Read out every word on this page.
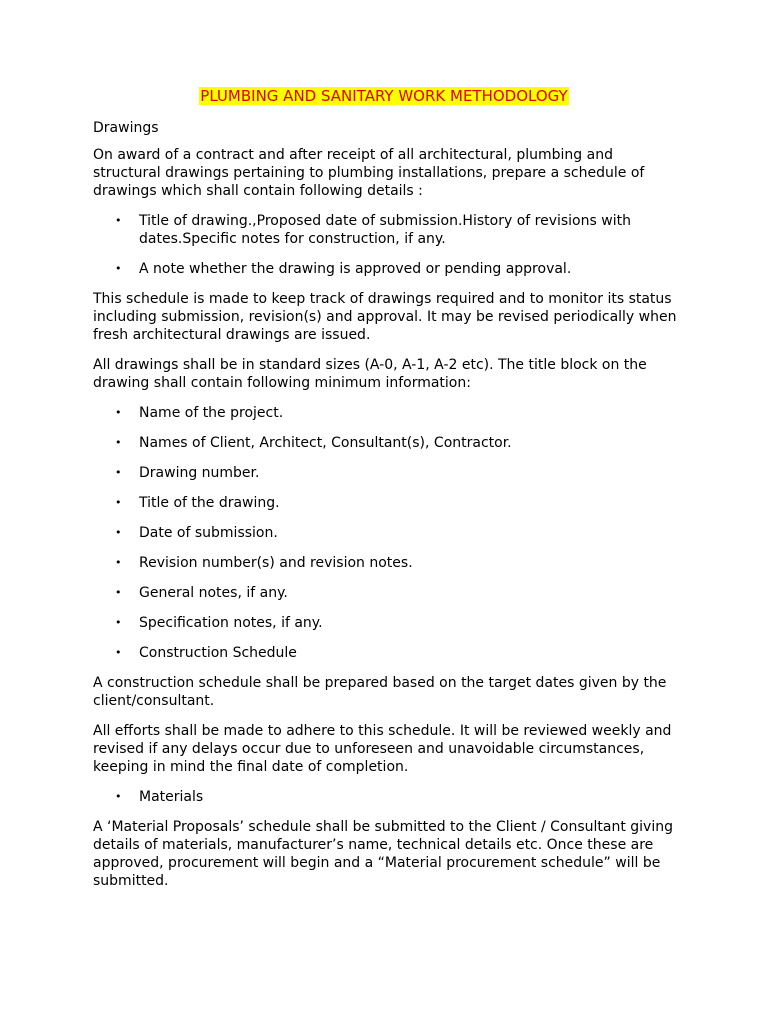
PLUMBING AND SANITARY WORK METHODOLOGY
Drawings

On award of a contract and after receipt of all architectural, plumbing and structural drawings pertaining to plumbing installations, prepare a schedule of drawings which shall contain following details :

• Title of drawing.,Proposed date of submission.History of revisions with dates.Specific notes for construction, if any.
• A note whether the drawing is approved or pending approval.

This schedule is made to keep track of drawings required and to monitor its status including submission, revision(s) and approval. It may be revised periodically when fresh architectural drawings are issued.

All drawings shall be in standard sizes (A-0, A-1, A-2 etc). The title block on the drawing shall contain following minimum information:

• Name of the project.
• Names of Client, Architect, Consultant(s), Contractor.
• Drawing number.
• Title of the drawing.
• Date of submission.
• Revision number(s) and revision notes.
• General notes, if any.
• Specification notes, if any.
• Construction Schedule

A construction schedule shall be prepared based on the target dates given by the client/consultant.

All efforts shall be made to adhere to this schedule. It will be reviewed weekly and revised if any delays occur due to unforeseen and unavoidable circumstances, keeping in mind the final date of completion.

• Materials

A ‘Material Proposals’ schedule shall be submitted to the Client / Consultant giving details of materials, manufacturer’s name, technical details etc. Once these are approved, procurement will begin and a “Material procurement schedule” will be submitted.
